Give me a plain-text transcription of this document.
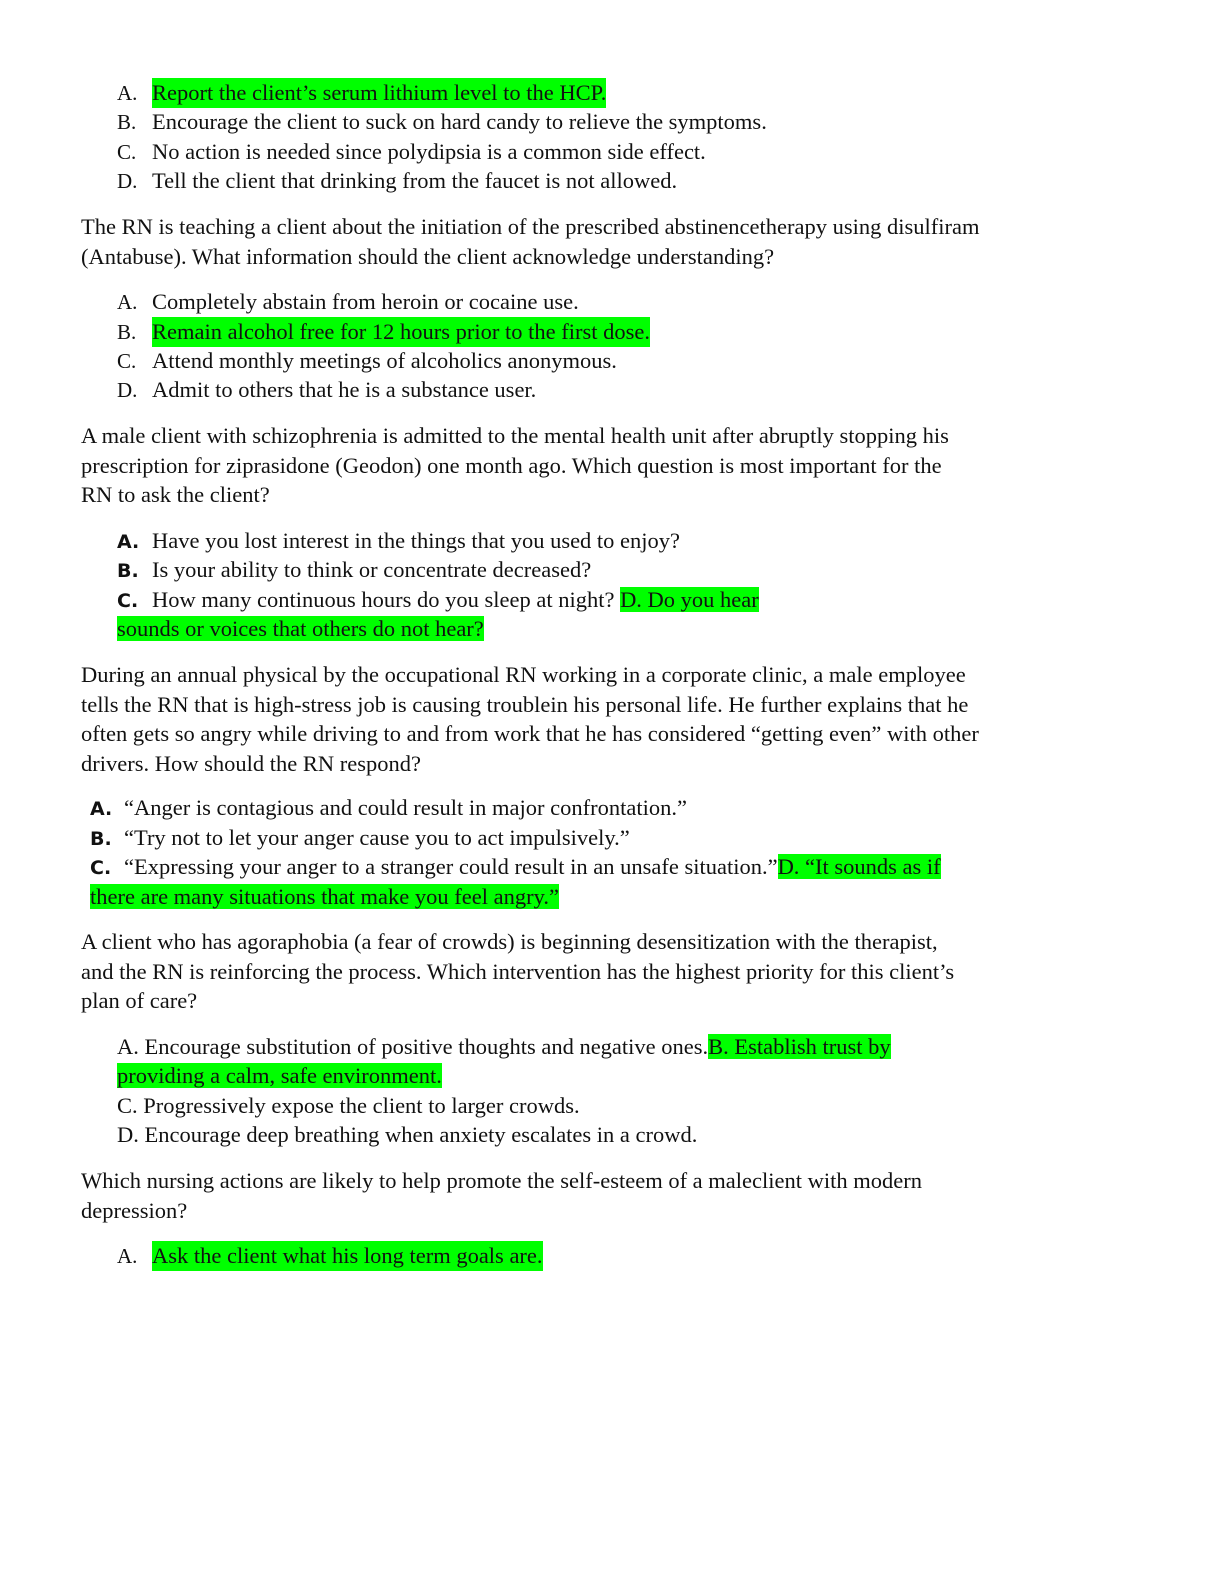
A. Report the client’s serum lithium level to the HCP.
B. Encourage the client to suck on hard candy to relieve the symptoms.
C. No action is needed since polydipsia is a common side effect.
D. Tell the client that drinking from the faucet is not allowed.
The RN is teaching a client about the initiation of the prescribed abstinencetherapy using disulfiram
(Antabuse). What information should the client acknowledge understanding?
A. Completely abstain from heroin or cocaine use.
B. Remain alcohol free for 12 hours prior to the first dose.
C. Attend monthly meetings of alcoholics anonymous.
D. Admit to others that he is a substance user.
A male client with schizophrenia is admitted to the mental health unit after abruptly stopping his
prescription for ziprasidone (Geodon) one month ago. Which question is most important for the
RN to ask the client?
A. Have you lost interest in the things that you used to enjoy?
B. Is your ability to think or concentrate decreased?
C. How many continuous hours do you sleep at night? D. Do you hear
sounds or voices that others do not hear?
During an annual physical by the occupational RN working in a corporate clinic, a male employee
tells the RN that is high-stress job is causing troublein his personal life. He further explains that he
often gets so angry while driving to and from work that he has considered “getting even” with other
drivers. How should the RN respond?
A. “Anger is contagious and could result in major confrontation.”
B. “Try not to let your anger cause you to act impulsively.”
C. “Expressing your anger to a stranger could result in an unsafe situation.”D. “It sounds as if
there are many situations that make you feel angry.”
A client who has agoraphobia (a fear of crowds) is beginning desensitization with the therapist,
and the RN is reinforcing the process. Which intervention has the highest priority for this client’s
plan of care?
A. Encourage substitution of positive thoughts and negative ones.B. Establish trust by
providing a calm, safe environment.
C. Progressively expose the client to larger crowds.
D. Encourage deep breathing when anxiety escalates in a crowd.
Which nursing actions are likely to help promote the self-esteem of a maleclient with modern
depression?
A. Ask the client what his long term goals are.
